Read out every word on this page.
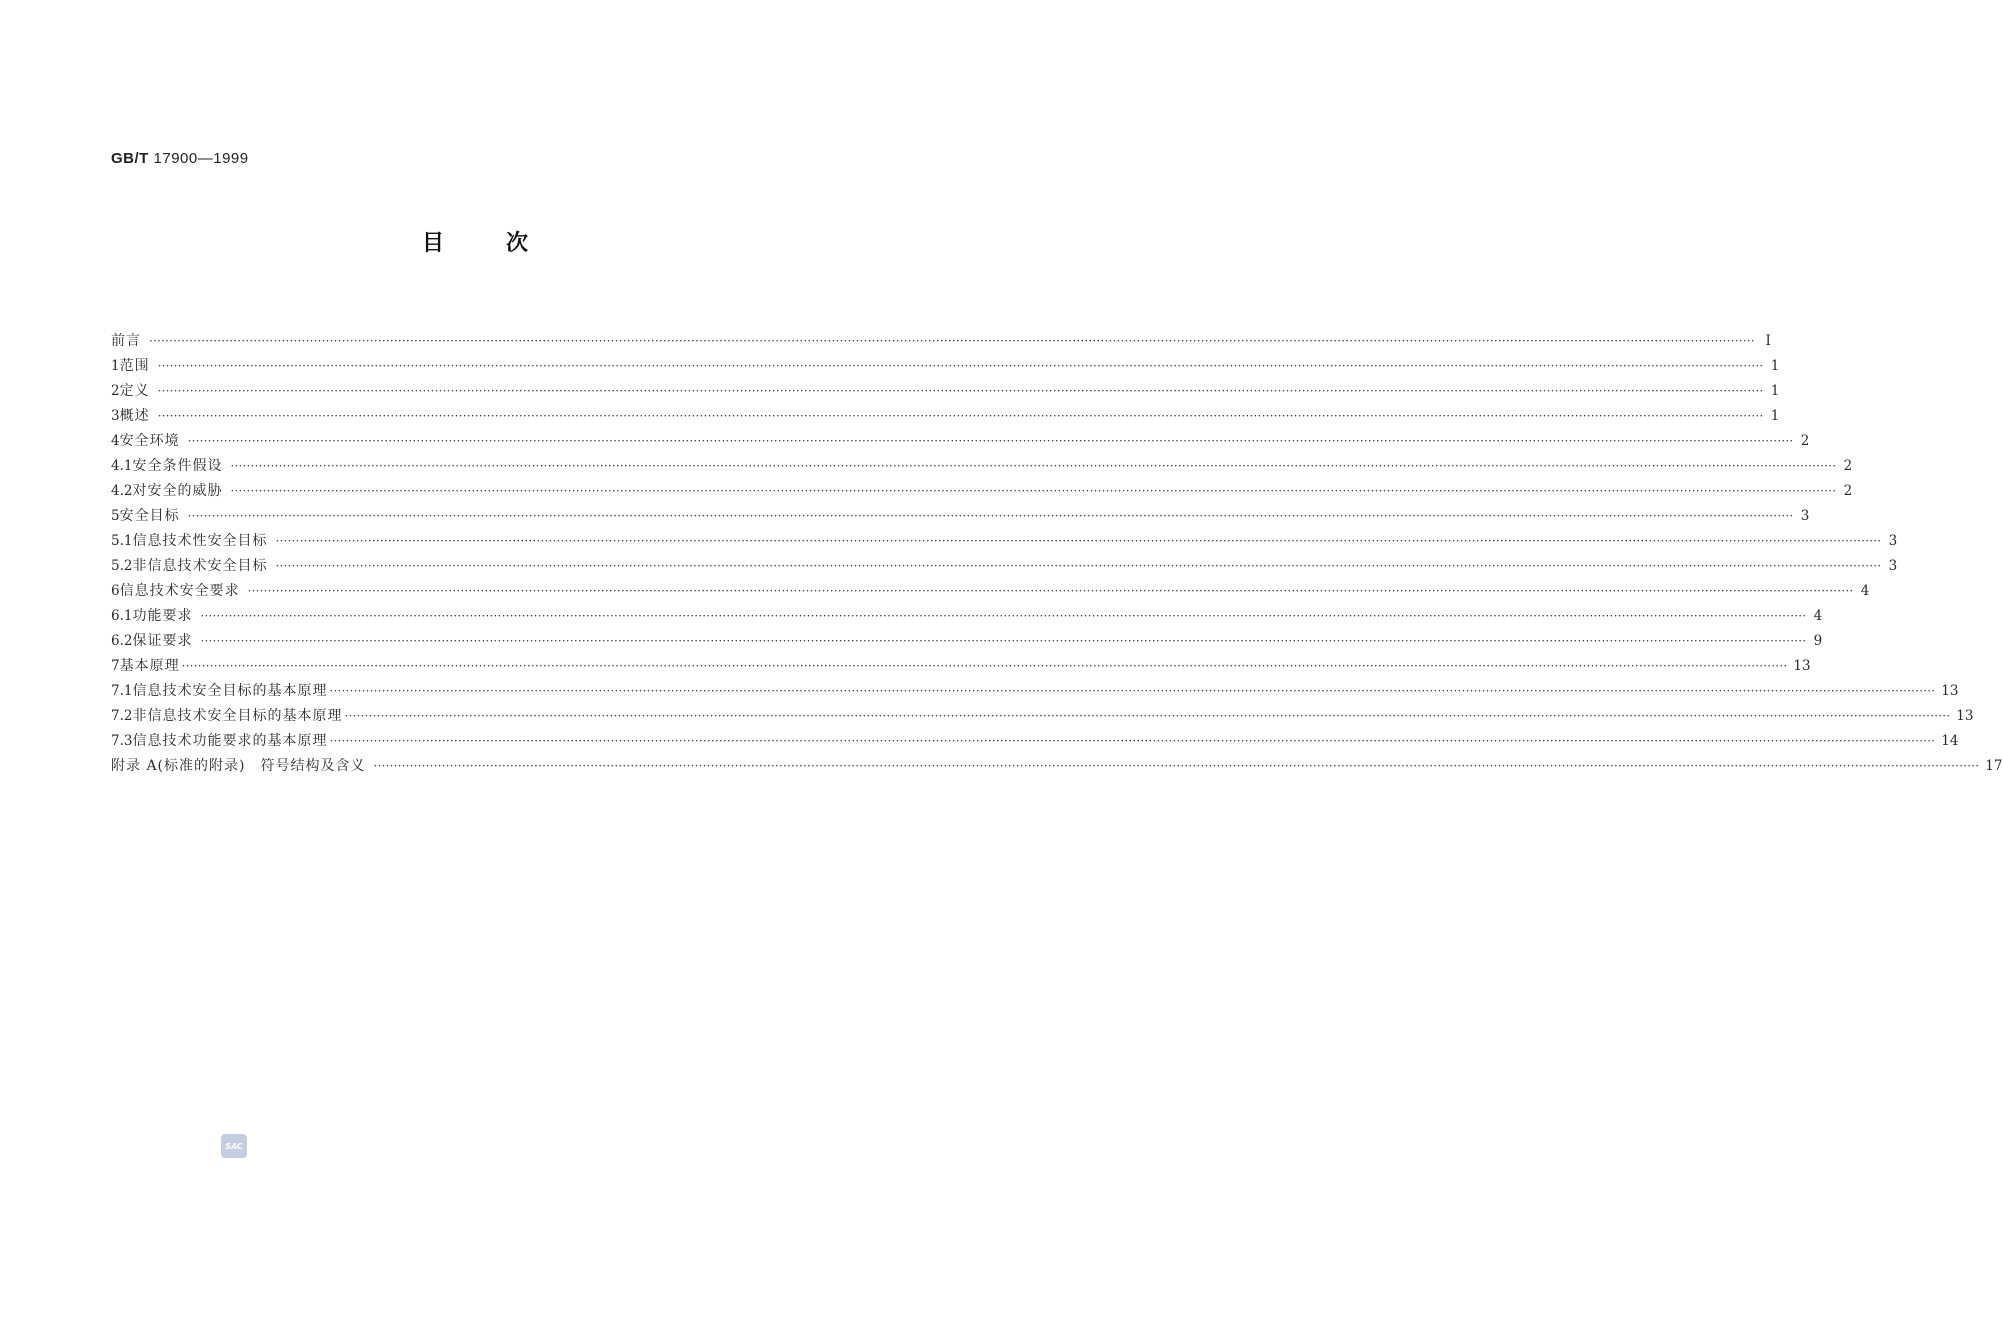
GB/T 17900—1999
目	次
前言 ················································································································································································································································································································································································································ Ⅰ
1 范围 ················································································································································································································································································································································································································ 1
2 定义 ················································································································································································································································································································································································································ 1
3 概述 ················································································································································································································································································································································································································ 1
4 安全环境 ················································································································································································································································································································································································································ 2
4.1 安全条件假设 ················································································································································································································································································································································································································ 2
4.2 对安全的威胁 ················································································································································································································································································································································································································ 2
5 安全目标 ················································································································································································································································································································································································································ 3
5.1 信息技术性安全目标 ················································································································································································································································································································································································································ 3
5.2 非信息技术安全目标 ················································································································································································································································································································································································································ 3
6 信息技术安全要求 ················································································································································································································································································································································································································ 4
6.1 功能要求 ················································································································································································································································································································································································································ 4
6.2 保证要求 ················································································································································································································································································································································································································ 9
7 基本原理 ················································································································································································································································································································································································································ 13
7.1 信息技术安全目标的基本原理 ················································································································································································································································································································································································································ 13
7.2 非信息技术安全目标的基本原理 ················································································································································································································································································································································································································ 13
7.3 信息技术功能要求的基本原理 ················································································································································································································································································································································································································ 14
附录 A(标准的附录)　符号结构及含义 ················································································································································································································································································································································································································ 17
SAC
